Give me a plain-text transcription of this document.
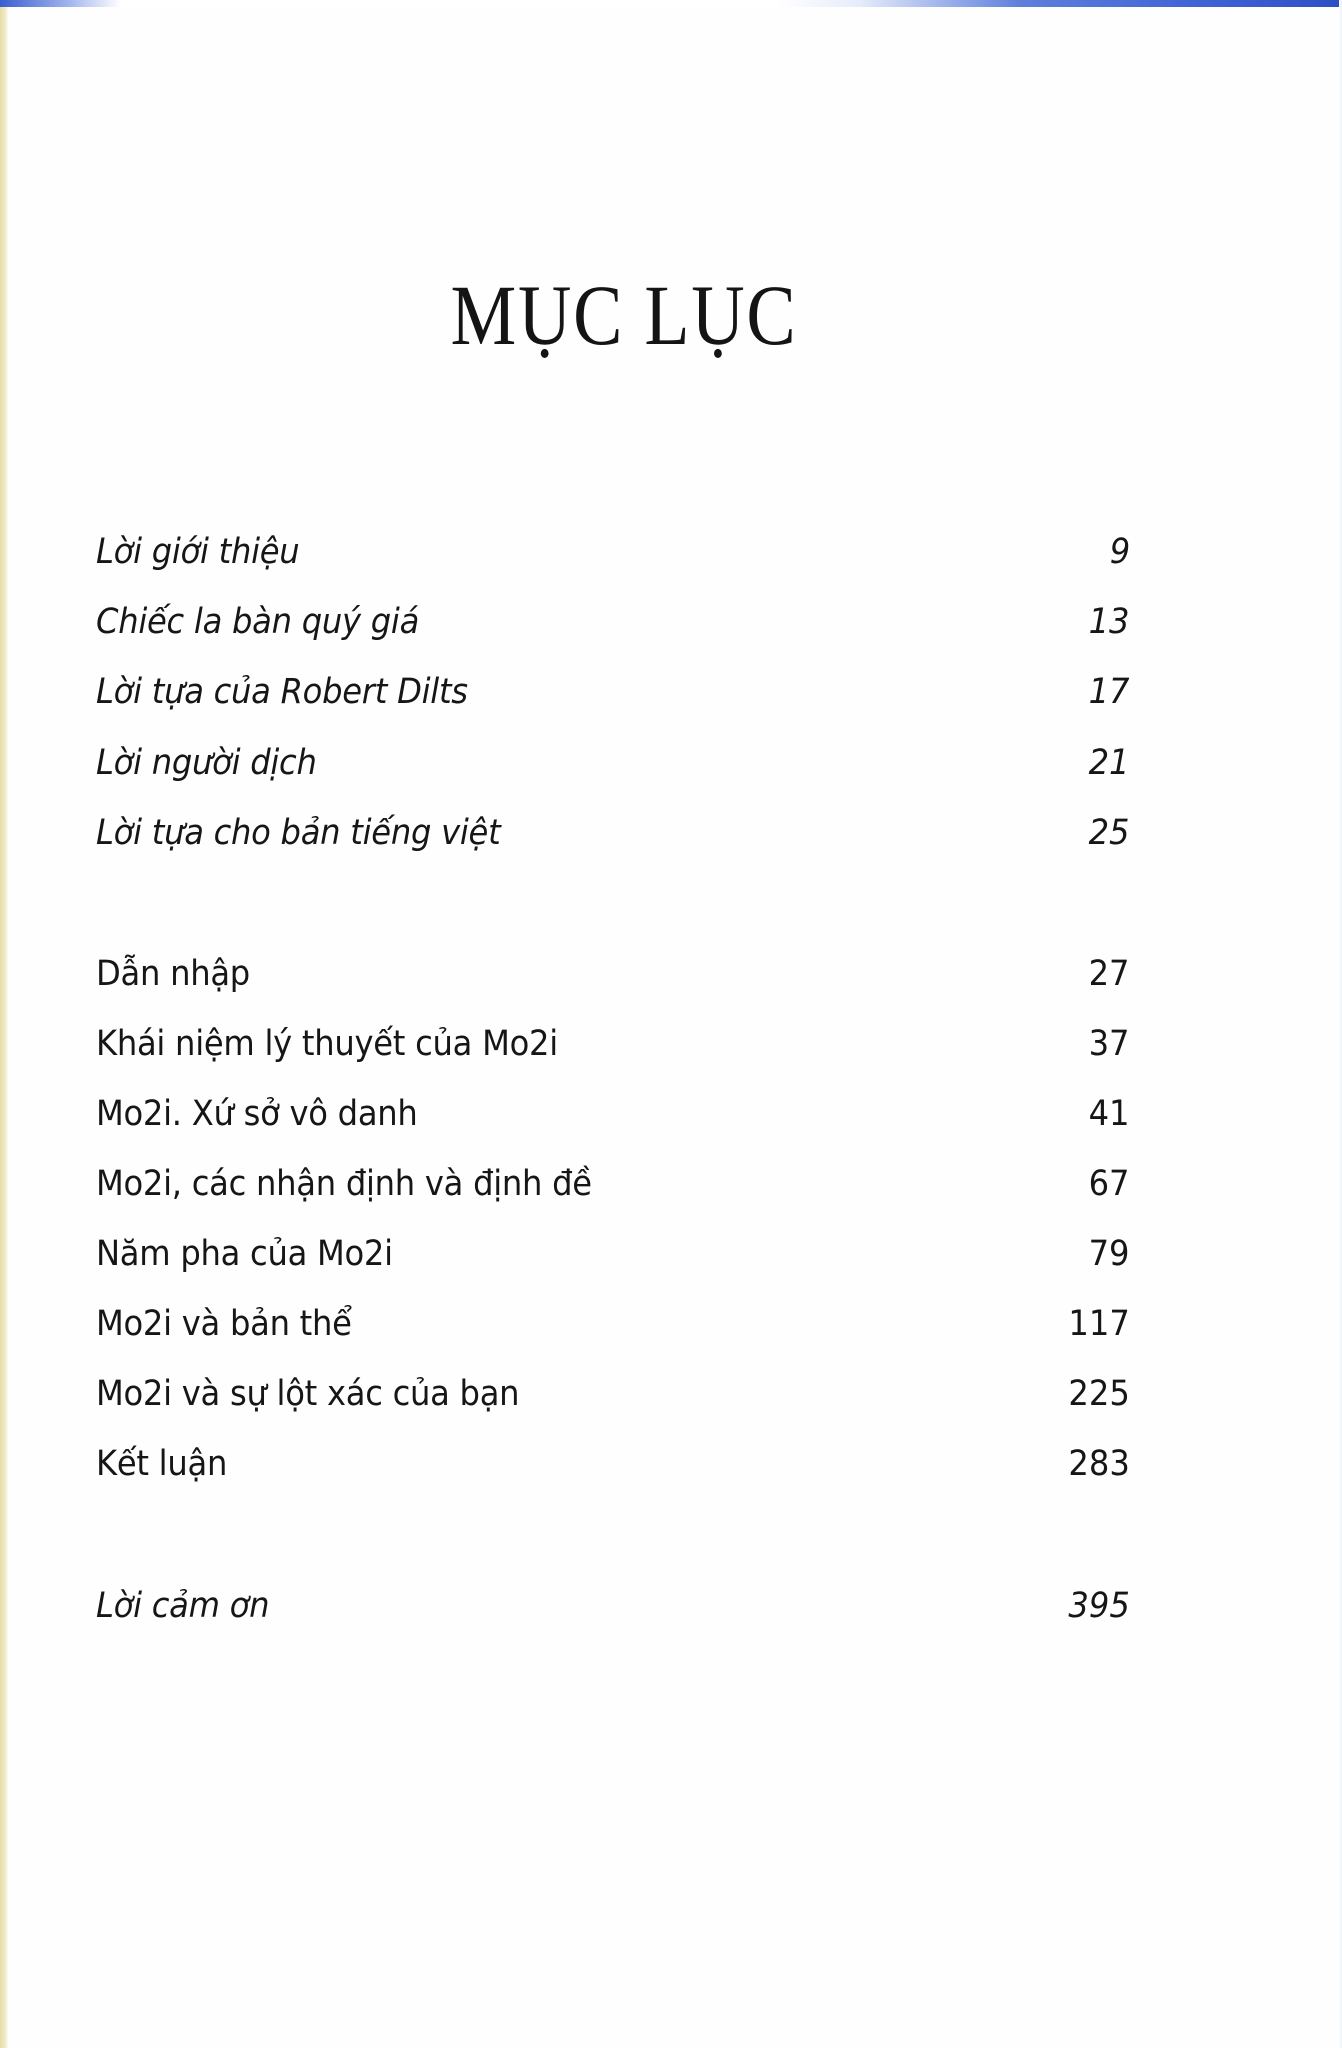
MỤC LỤC
Lời giới thiệu	9
Chiếc la bàn quý giá	13
Lời tựa của Robert Dilts	17
Lời người dịch	21
Lời tựa cho bản tiếng việt	25
Dẫn nhập	27
Khái niệm lý thuyết của Mo2i	37
Mo2i. Xứ sở vô danh	41
Mo2i, các nhận định và định đề	67
Năm pha của Mo2i	79
Mo2i và bản thể	117
Mo2i và sự lột xác của bạn	225
Kết luận	283
Lời cảm ơn	395
